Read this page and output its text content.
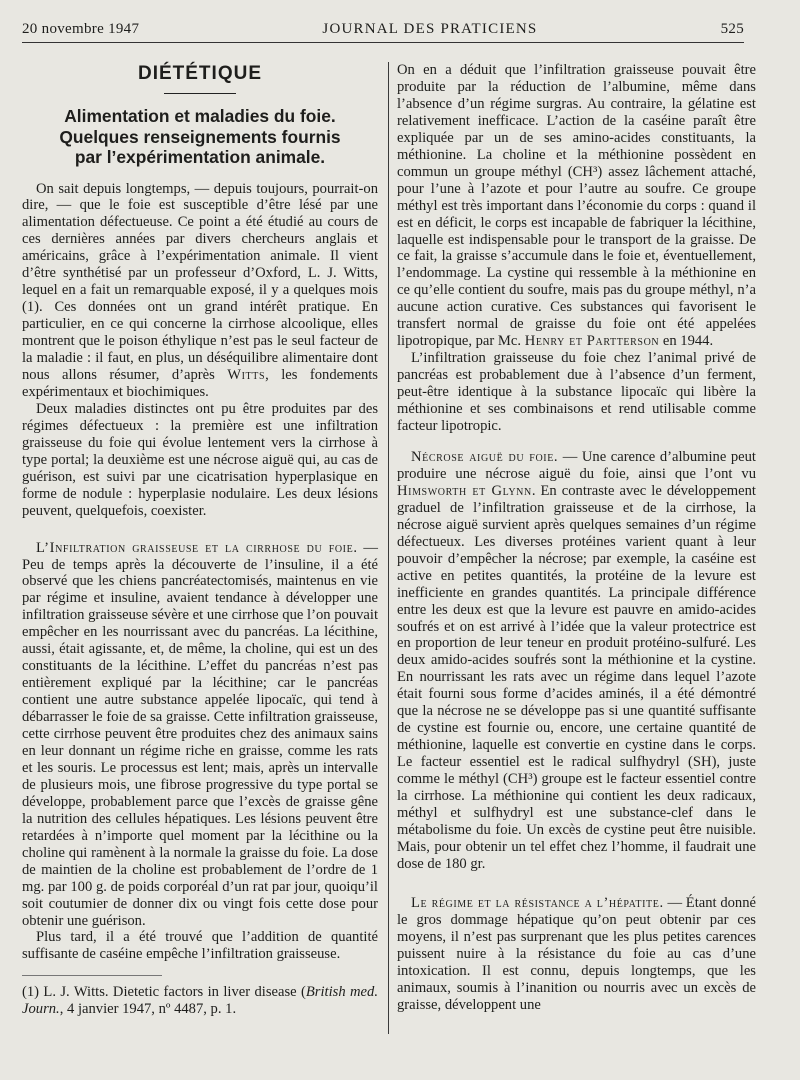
20 novembre 1947	JOURNAL DES PRATICIENS	525
DIÉTÉTIQUE
Alimentation et maladies du foie.
Quelques renseignements fournis
par l’expérimentation animale.

On sait depuis longtemps, — depuis toujours, pourrait-on dire, — que le foie est susceptible d’être lésé par une alimentation défectueuse. Ce point a été étudié au cours de ces dernières années par divers chercheurs anglais et américains, grâce à l’expérimentation animale. Il vient d’être synthétisé par un professeur d’Oxford, L. J. Witts, lequel en a fait un remarquable exposé, il y a quelques mois (1). Ces données ont un grand intérêt pratique. En particulier, en ce qui concerne la cirrhose alcoolique, elles montrent que le poison éthylique n’est pas le seul facteur de la maladie : il faut, en plus, un déséquilibre alimentaire dont nous allons résumer, d’après Witts, les fondements expérimentaux et biochimiques.

Deux maladies distinctes ont pu être produites par des régimes défectueux : la première est une infiltration graisseuse du foie qui évolue lentement vers la cirrhose à type portal; la deuxième est une nécrose aiguë qui, au cas de guérison, est suivi par une cicatrisation hyperplasique en forme de nodule : hyperplasie nodulaire. Les deux lésions peuvent, quelquefois, coexister.

L’Infiltration graisseuse et la cirrhose du foie. — Peu de temps après la découverte de l’insuline, il a été observé que les chiens pancréatectomisés, maintenus en vie par régime et insuline, avaient tendance à développer une infiltration graisseuse sévère et une cirrhose que l’on pouvait empêcher en les nourrissant avec du pancréas. La lécithine, aussi, était agissante, et, de même, la choline, qui est un des constituants de la lécithine. L’effet du pancréas n’est pas entièrement expliqué par la lécithine; car le pancréas contient une autre substance appelée lipocaïc, qui tend à débarrasser le foie de sa graisse. Cette infiltration graisseuse, cette cirrhose peuvent être produites chez des animaux sains en leur donnant un régime riche en graisse, comme les rats et les souris. Le processus est lent; mais, après un intervalle de plusieurs mois, une fibrose progressive du type portal se développe, probablement parce que l’excès de graisse gêne la nutrition des cellules hépatiques. Les lésions peuvent être retardées à n’importe quel moment par la lécithine ou la choline qui ramènent à la normale la graisse du foie. La dose de maintien de la choline est probablement de l’ordre de 1 mg. par 100 g. de poids corporéal d’un rat par jour, quoiqu’il soit coutumier de donner dix ou vingt fois cette dose pour obtenir une guérison.

Plus tard, il a été trouvé que l’addition de quantité suffisante de caséine empêche l’infiltration graisseuse.

(1) L. J. Witts. Dietetic factors in liver disease (British med. Journ., 4 janvier 1947, nº 4487, p. 1.

On en a déduit que l’infiltration graisseuse pouvait être produite par la réduction de l’albumine, même dans l’absence d’un régime surgras. Au contraire, la gélatine est relativement inefficace. L’action de la caséine paraît être expliquée par un de ses amino-acides constituants, la méthionine. La choline et la méthionine possèdent en commun un groupe méthyl (CH³) assez lâchement attaché, pour l’une à l’azote et pour l’autre au soufre. Ce groupe méthyl est très important dans l’économie du corps : quand il est en déficit, le corps est incapable de fabriquer la lécithine, laquelle est indispensable pour le transport de la graisse. De ce fait, la graisse s’accumule dans le foie et, éventuellement, l’endommage. La cystine qui ressemble à la méthionine en ce qu’elle contient du soufre, mais pas du groupe méthyl, n’a aucune action curative. Ces substances qui favorisent le transfert normal de graisse du foie ont été appelées lipotropique, par Mc. Henry et Partterson en 1944.

L’infiltration graisseuse du foie chez l’animal privé de pancréas est probablement due à l’absence d’un ferment, peut-être identique à la substance lipocaïc qui libère la méthionine et ses combinaisons et rend utilisable comme facteur lipotropic.

Nécrose aiguë du foie. — Une carence d’albumine peut produire une nécrose aiguë du foie, ainsi que l’ont vu Himsworth et Glynn. En contraste avec le développement graduel de l’infiltration graisseuse et de la cirrhose, la nécrose aiguë survient après quelques semaines d’un régime défectueux. Les diverses protéines varient quant à leur pouvoir d’empêcher la nécrose; par exemple, la caséine est active en petites quantités, la protéine de la levure est inefficiente en grandes quantités. La principale différence entre les deux est que la levure est pauvre en amido-acides soufrés et on est arrivé à l’idée que la valeur protectrice est en proportion de leur teneur en produit protéino-sulfuré. Les deux amido-acides soufrés sont la méthionine et la cystine. En nourrissant les rats avec un régime dans lequel l’azote était fourni sous forme d’acides aminés, il a été démontré que la nécrose ne se développe pas si une quantité suffisante de cystine est fournie ou, encore, une certaine quantité de méthionine, laquelle est convertie en cystine dans le corps. Le facteur essentiel est le radical sulfhydryl (SH), juste comme le méthyl (CH³) groupe est le facteur essentiel contre la cirrhose. La méthionine qui contient les deux radicaux, méthyl et sulfhydryl est une substance-clef dans le métabolisme du foie. Un excès de cystine peut être nuisible. Mais, pour obtenir un tel effet chez l’homme, il faudrait une dose de 180 gr.

Le régime et la résistance a l’hépatite. — Étant donné le gros dommage hépatique qu’on peut obtenir par ces moyens, il n’est pas surprenant que les plus petites carences puissent nuire à la résistance du foie au cas d’une intoxication. Il est connu, depuis longtemps, que les animaux, soumis à l’inanition ou nourris avec un excès de graisse, développent une
